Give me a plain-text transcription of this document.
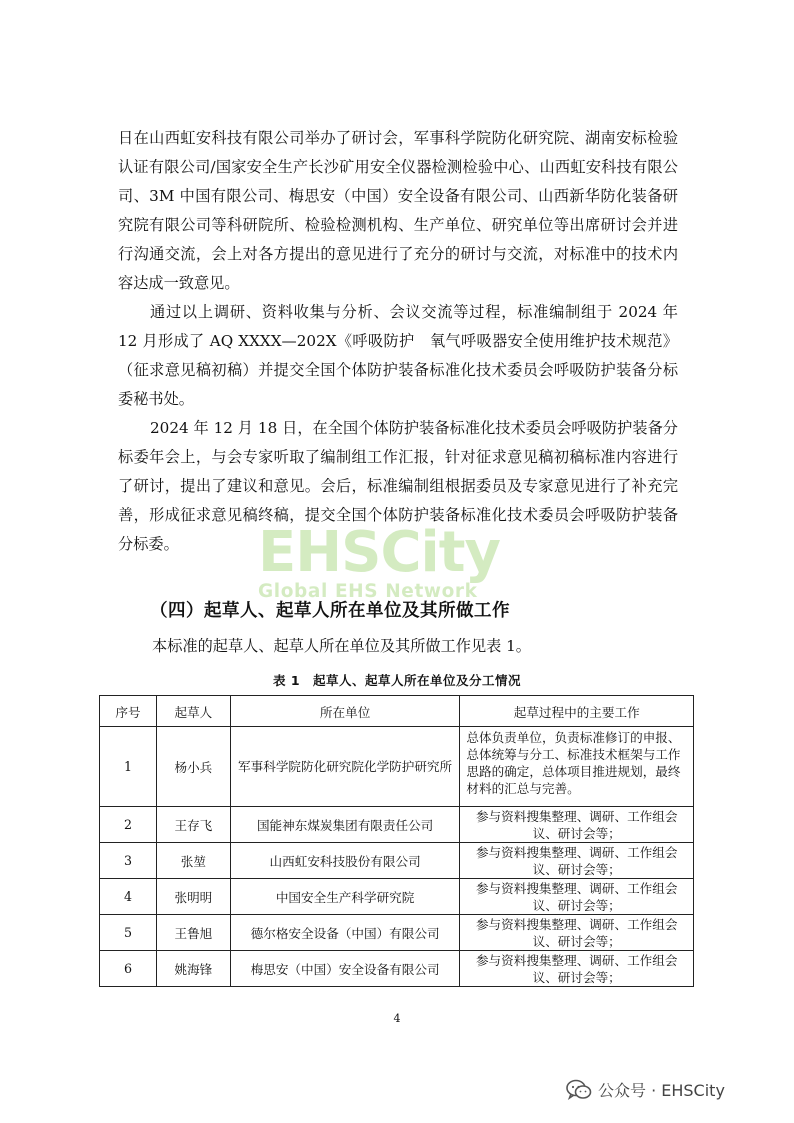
日在山西虹安科技有限公司举办了研讨会，军事科学院防化研究院、湖南安标检验认证有限公司/国家安全生产长沙矿用安全仪器检测检验中心、山西虹安科技有限公司、3M 中国有限公司、梅思安（中国）安全设备有限公司、山西新华防化装备研究院有限公司等科研院所、检验检测机构、生产单位、研究单位等出席研讨会并进行沟通交流，会上对各方提出的意见进行了充分的研讨与交流，对标准中的技术内容达成一致意见。

通过以上调研、资料收集与分析、会议交流等过程，标准编制组于 2024 年 12 月形成了 AQ XXXX—202X《呼吸防护　氧气呼吸器安全使用维护技术规范》（征求意见稿初稿）并提交全国个体防护装备标准化技术委员会呼吸防护装备分标委秘书处。

2024 年 12 月 18 日，在全国个体防护装备标准化技术委员会呼吸防护装备分标委年会上，与会专家听取了编制组工作汇报，针对征求意见稿初稿标准内容进行了研讨，提出了建议和意见。会后，标准编制组根据委员及专家意见进行了补充完善，形成征求意见稿终稿，提交全国个体防护装备标准化技术委员会呼吸防护装备分标委。	EHSCity
Global EHS Network
（四）起草人、起草人所在单位及其所做工作
本标准的起草人、起草人所在单位及其所做工作见表 1。
表 1　起草人、起草人所在单位及分工情况
序号	起草人	所在单位	起草过程中的主要工作
1	杨小兵	军事科学院防化研究院化学防护研究所	总体负责单位，负责标准修订的申报、总体统筹与分工、标准技术框架与工作思路的确定，总体项目推进规划，最终材料的汇总与完善。
2	王存飞	国能神东煤炭集团有限责任公司	参与资料搜集整理、调研、工作组会议、研讨会等；
3	张堃	山西虹安科技股份有限公司	参与资料搜集整理、调研、工作组会议、研讨会等；
4	张明明	中国安全生产科学研究院	参与资料搜集整理、调研、工作组会议、研讨会等；
5	王鲁旭	德尔格安全设备（中国）有限公司	参与资料搜集整理、调研、工作组会议、研讨会等；
6	姚海锋	梅思安（中国）安全设备有限公司	参与资料搜集整理、调研、工作组会议、研讨会等；
4
公众号 · EHSCity
